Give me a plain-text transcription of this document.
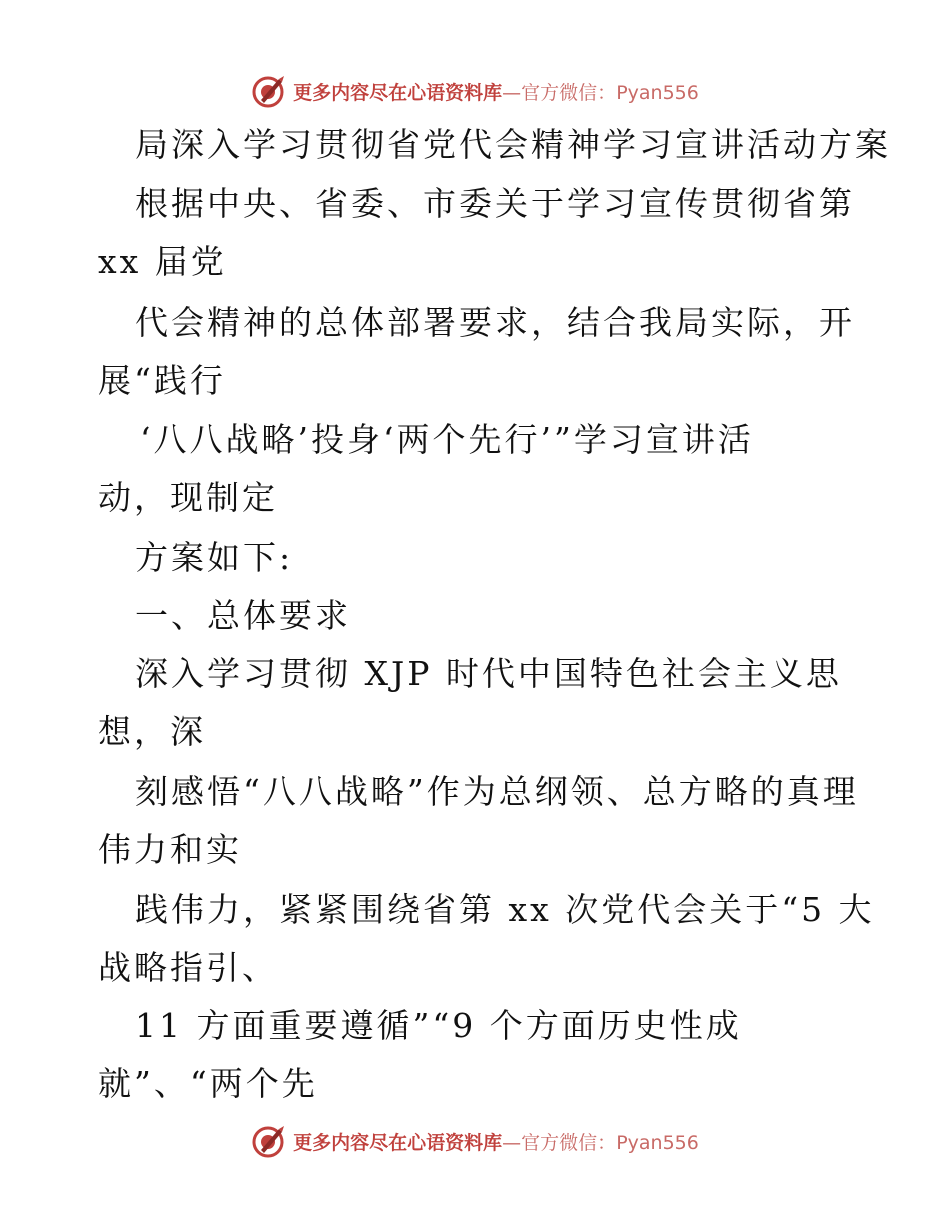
更多内容尽在心语资料库—官方微信：Pyan556
局深入学习贯彻省党代会精神学习宣讲活动方案
根据中央、省委、市委关于学习宣传贯彻省第
xx 届党
代会精神的总体部署要求，结合我局实际，开
展“践行
‘八八战略’投身‘两个先行’”学习宣讲活
动，现制定
方案如下:
一、总体要求
深入学习贯彻 XJP 时代中国特色社会主义思
想，深
刻感悟“八八战略”作为总纲领、总方略的真理
伟力和实
践伟力，紧紧围绕省第 xx 次党代会关于“5 大
战略指引、
11 方面重要遵循”“9 个方面历史性成
就”、“两个先
更多内容尽在心语资料库—官方微信：Pyan556
